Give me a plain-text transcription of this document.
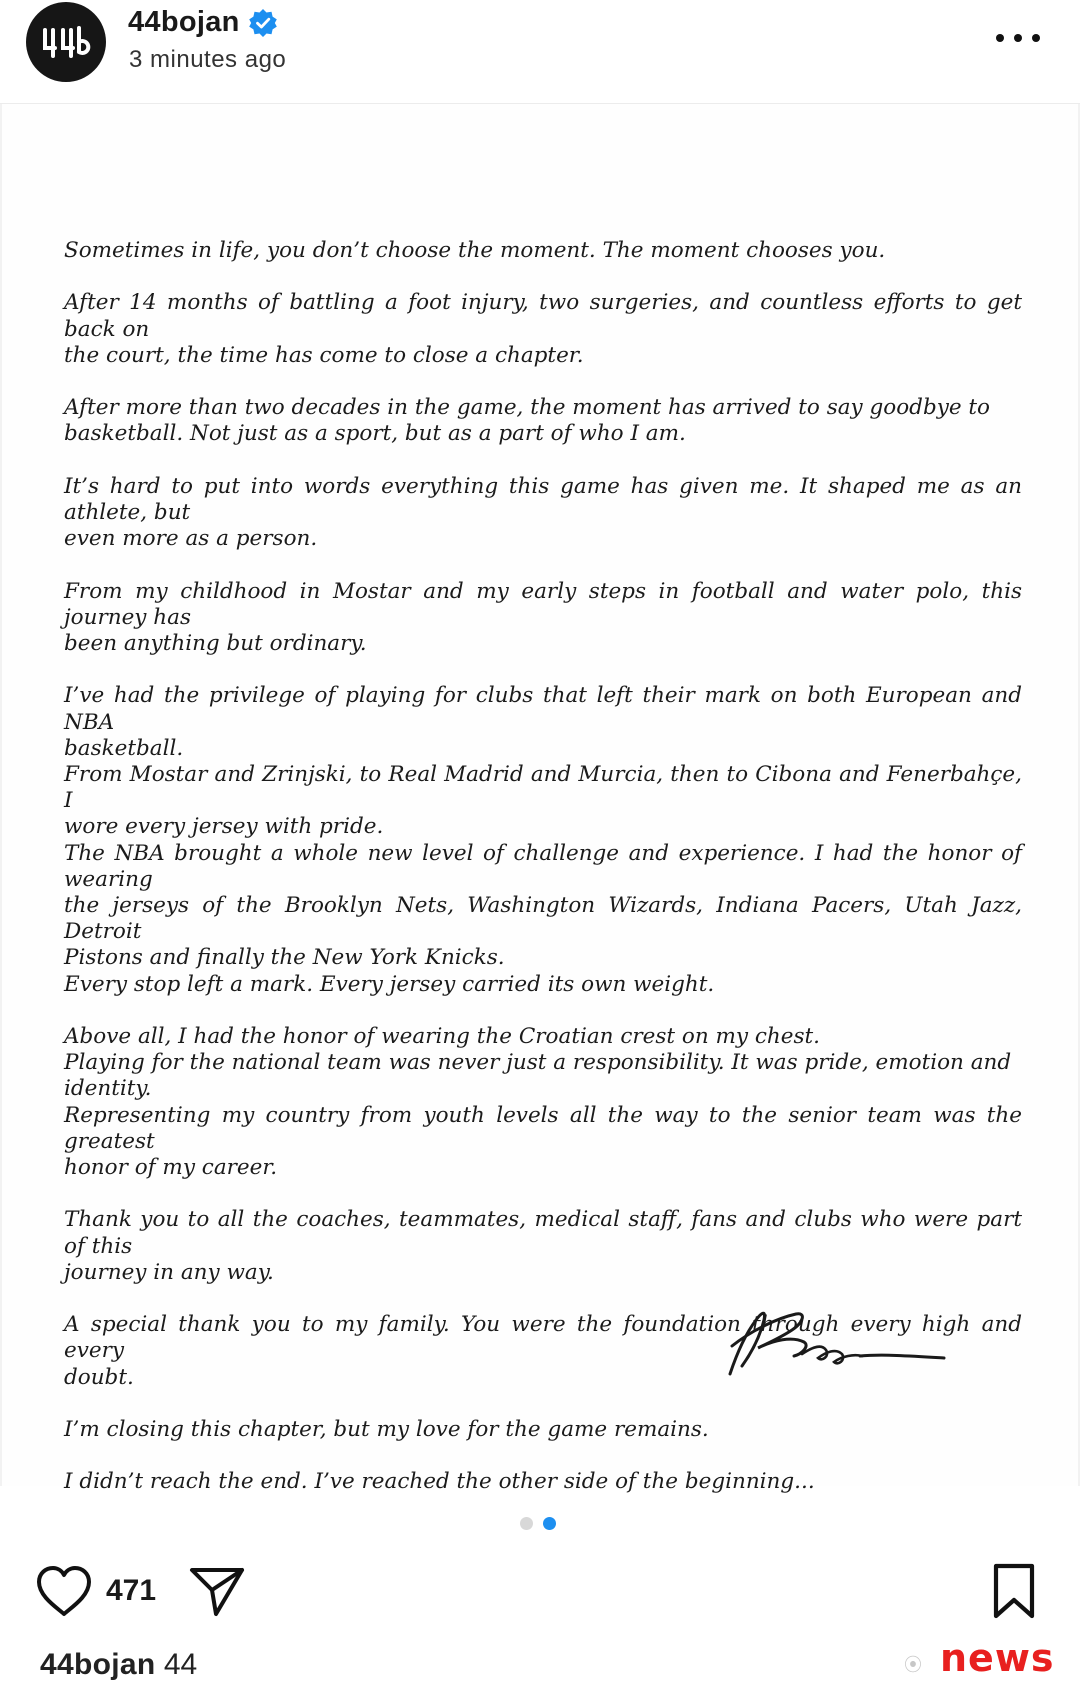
44bojan
3 minutes ago

Sometimes in life, you don’t choose the moment. The moment chooses you.

After 14 months of battling a foot injury, two surgeries, and countless efforts to get back on
the court, the time has come to close a chapter.

After more than two decades in the game, the moment has arrived to say goodbye to
basketball. Not just as a sport, but as a part of who I am.

It’s hard to put into words everything this game has given me. It shaped me as an athlete, but
even more as a person.

From my childhood in Mostar and my early steps in football and water polo, this journey has
been anything but ordinary.

I’ve had the privilege of playing for clubs that left their mark on both European and NBA
basketball.
From Mostar and Zrinjski, to Real Madrid and Murcia, then to Cibona and Fenerbahçe, I
wore every jersey with pride.
The NBA brought a whole new level of challenge and experience. I had the honor of wearing
the jerseys of the Brooklyn Nets, Washington Wizards, Indiana Pacers, Utah Jazz, Detroit
Pistons and finally the New York Knicks.
Every stop left a mark. Every jersey carried its own weight.

Above all, I had the honor of wearing the Croatian crest on my chest.
Playing for the national team was never just a responsibility. It was pride, emotion and
identity.
Representing my country from youth levels all the way to the senior team was the greatest
honor of my career.

Thank you to all the coaches, teammates, medical staff, fans and clubs who were part of this
journey in any way.

A special thank you to my family. You were the foundation through every high and every
doubt.

I’m closing this chapter, but my love for the game remains.

I didn’t reach the end. I’ve reached the other side of the beginning...

471
44bojan 44	⦿ news
